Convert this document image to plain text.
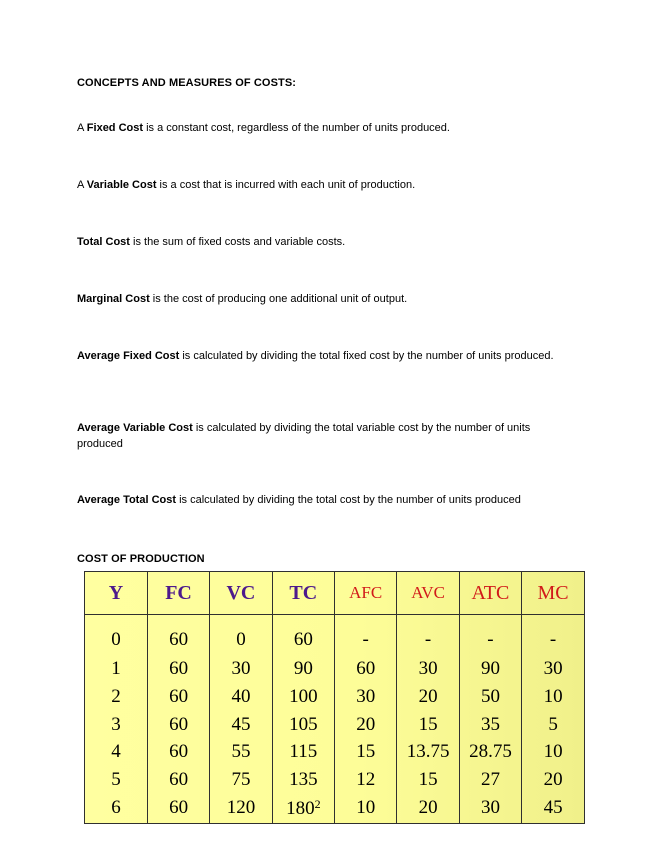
CONCEPTS AND MEASURES OF COSTS:
A Fixed Cost is a constant cost, regardless of the number of units produced.
A Variable Cost is a cost that is incurred with each unit of production.
Total Cost is the sum of fixed costs and variable costs.
Marginal Cost is the cost of producing one additional unit of output.
Average Fixed Cost is calculated by dividing the total fixed cost by the number of units produced.
Average Variable Cost is calculated by dividing the total variable cost by the number of units produced
Average Total Cost is calculated by dividing the total cost by the number of units produced
COST OF PRODUCTION
Y	FC	VC	TC	AFC	AVC	ATC	MC
0	60	0	60	-	-	-	-
1	60	30	90	60	30	90	30
2	60	40	100	30	20	50	10
3	60	45	105	20	15	35	5
4	60	55	115	15	13.75	28.75	10
5	60	75	135	12	15	27	20
6	60	120	$180^2$	10	20	30	45
